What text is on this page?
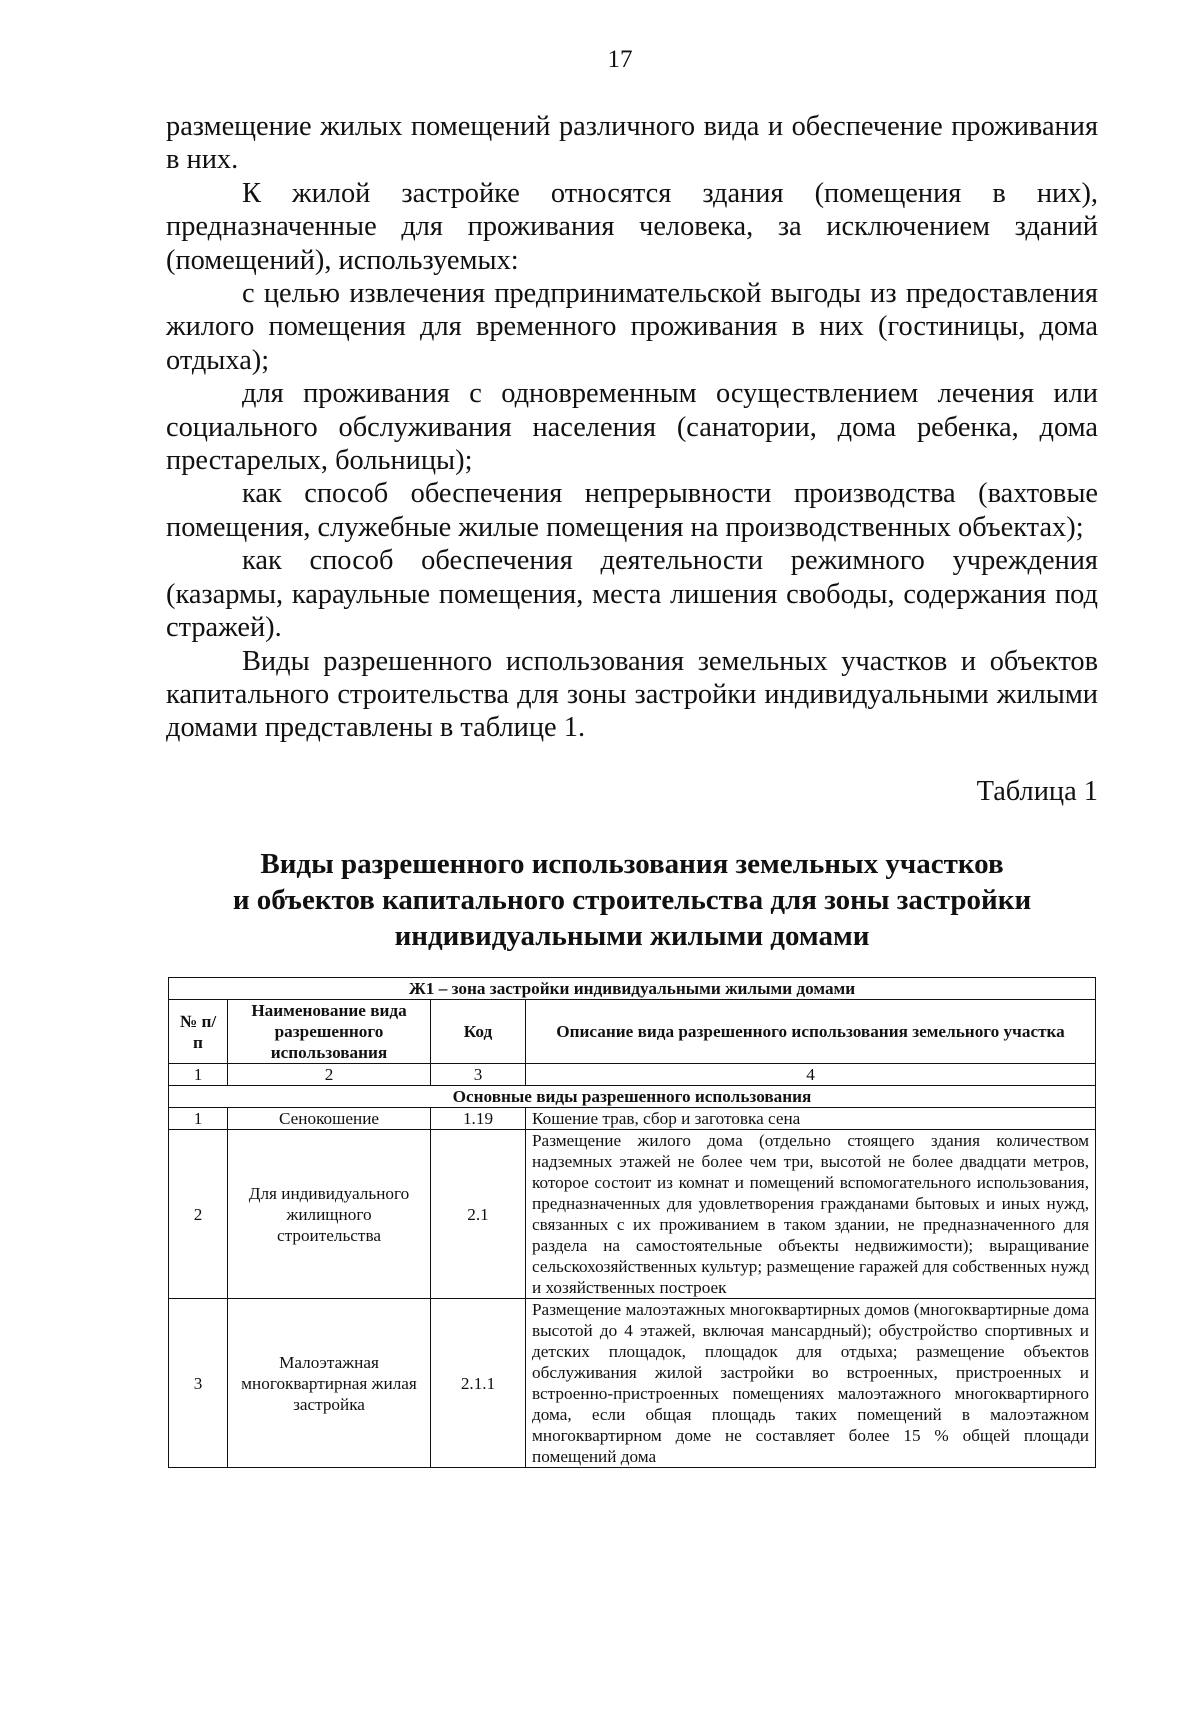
17

размещение жилых помещений различного вида и обеспечение проживания в них.

К жилой застройке относятся здания (помещения в них), предназначенные для проживания человека, за исключением зданий (помещений), используемых:

с целью извлечения предпринимательской выгоды из предоставления жилого помещения для временного проживания в них (гостиницы, дома отдыха);

для проживания с одновременным осуществлением лечения или социального обслуживания населения (санатории, дома ребенка, дома престарелых, больницы);

как способ обеспечения непрерывности производства (вахтовые помещения, служебные жилые помещения на производственных объектах);

как способ обеспечения деятельности режимного учреждения (казармы, караульные помещения, места лишения свободы, содержания под стражей).

Виды разрешенного использования земельных участков и объектов капитального строительства для зоны застройки индивидуальными жилыми домами представлены в таблице 1.

Таблица 1
Виды разрешенного использования земельных участков
и объектов капитального строительства для зоны застройки
индивидуальными жилыми домами
Ж1 – зона застройки индивидуальными жилыми домами			
№ п/п	Наименование вида разрешенного использования	Код	Описание вида разрешенного использования земельного участка
1	2	3	4
Основные виды разрешенного использования			
1	Сенокошение	1.19	Кошение трав, сбор и заготовка сена
2	Для индивидуального жилищного строительства	2.1	Размещение жилого дома (отдельно стоящего здания количеством надземных этажей не более чем три, высотой не более двадцати метров, которое состоит из комнат и помещений вспомогательного использования, предназначенных для удовлетворения гражданами бытовых и иных нужд, связанных с их проживанием в таком здании, не предназначенного для раздела на самостоятельные объекты недвижимости); выращивание сельскохозяйственных культур; размещение гаражей для собственных нужд и хозяйственных построек
3	Малоэтажная многоквартирная жилая застройка	2.1.1	Размещение малоэтажных многоквартирных домов (многоквартирные дома высотой до 4 этажей, включая мансардный); обустройство спортивных и детских площадок, площадок для отдыха; размещение объектов обслуживания жилой застройки во встроенных, пристроенных и встроенно-пристроенных помещениях малоэтажного многоквартирного дома, если общая площадь таких помещений в малоэтажном многоквартирном доме не составляет более 15 % общей площади помещений дома
